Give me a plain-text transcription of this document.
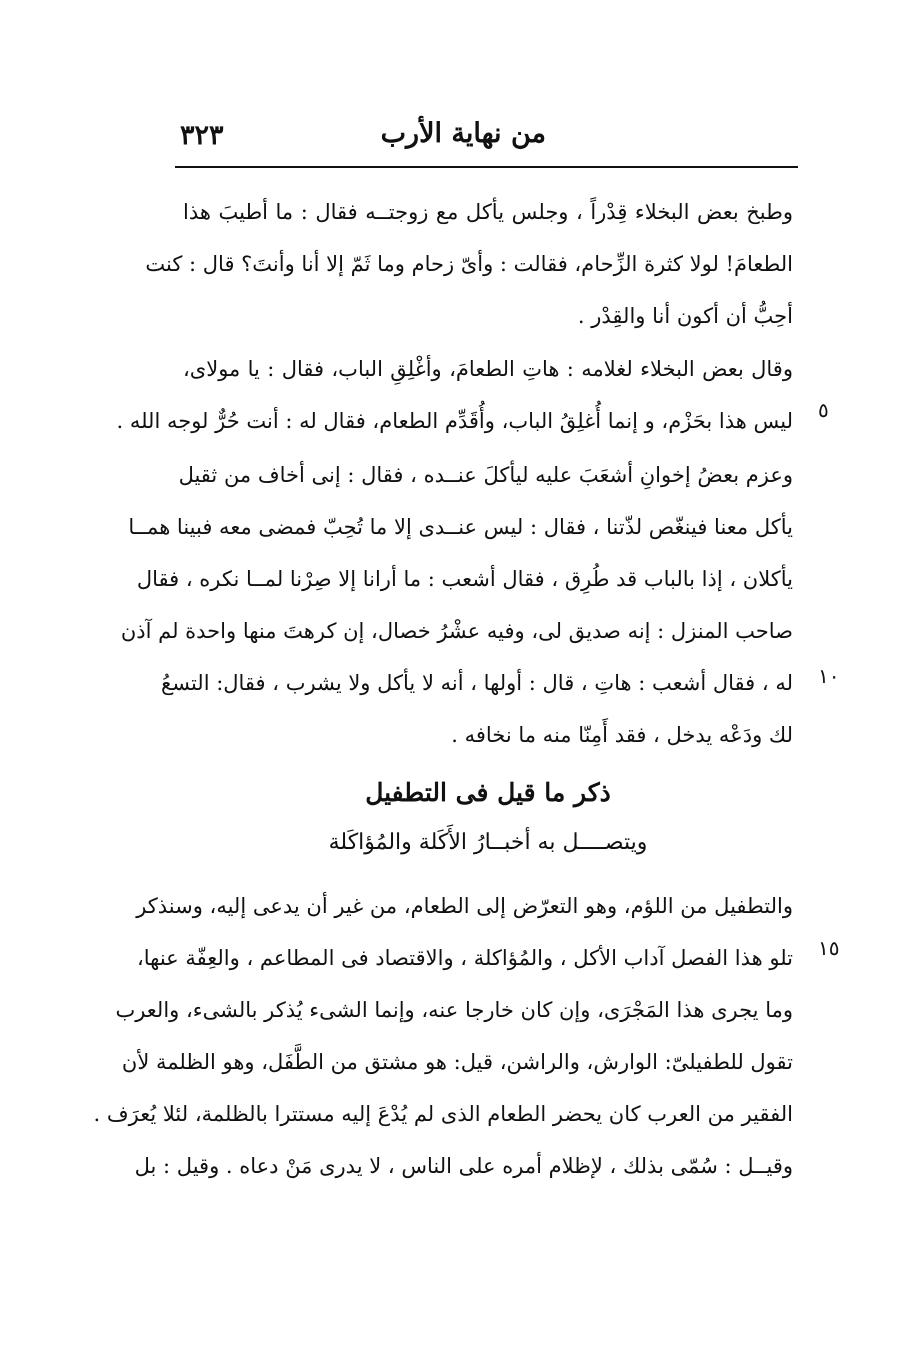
من نهاية الأرب
٣٢٣
وطبخ بعض البخلاء قِدْراً ، وجلس يأكل مع زوجتــه فقال : ما أطيبَ هذا
الطعامَ! لولا كثرة الزِّحام، فقالت : وأىّ زحام وما ثَمّ إلا أنا وأنتَ؟ قال : كنت
أحِبُّ أن أكون أنا والقِدْر .
وقال بعض البخلاء لغلامه : هاتِ الطعامَ، وأغْلِقِ الباب، فقال : يا مولاى،
ليس هذا بحَزْم، و إنما أُغلِقُ الباب، وأُقَدِّم الطعام، فقال له : أنت حُرٌّ لوجه الله .
وعزم بعضُ إخوانِ أشعَبَ عليه ليأكلَ عنــده ، فقال : إنى أخاف من ثقيل
يأكل معنا فينغّص لذّتنا ، فقال : ليس عنــدى إلا ما تُحِبّ فمضى معه فبينا همــا
يأكلان ، إذا بالباب قد طُرِق ، فقال أشعب : ما أرانا إلا صِرْنا لمــا نكره ، فقال
صاحب المنزل : إنه صديق لى، وفيه عشْرُ خصال، إن كرهتَ منها واحدة لم آذن
له ، فقال أشعب : هاتِ ، قال : أولها ، أنه لا يأكل ولا يشرب ، فقال: التسعُ
لك ودَعْه يدخل ، فقد أَمِنّا منه ما نخافه .
ذكر ما قيل فى التطفيل
ويتصــــل به أخبــارُ الأَكَلة والمُؤاكَلة
والتطفيل من اللؤم، وهو التعرّض إلى الطعام، من غير أن يدعى إليه، وسنذكر
تلو هذا الفصل آداب الأكل ، والمُؤاكلة ، والاقتصاد فى المطاعم ، والعِفّة عنها،
وما يجرى هذا المَجْرَى، وإن كان خارجا عنه، وإنما الشىء يُذكر بالشىء، والعرب
تقول للطفيلىّ: الوارش، والراشن، قيل: هو مشتق من الطَّفَل، وهو الظلمة لأن
الفقير من العرب كان يحضر الطعام الذى لم يُدْعَ إليه مستترا بالظلمة، لئلا يُعرَف .
وقيــل : سُمّى بذلك ، لإظلام أمره على الناس ، لا يدرى مَنْ دعاه . وقيل : بل
٥
١٠
١٥
